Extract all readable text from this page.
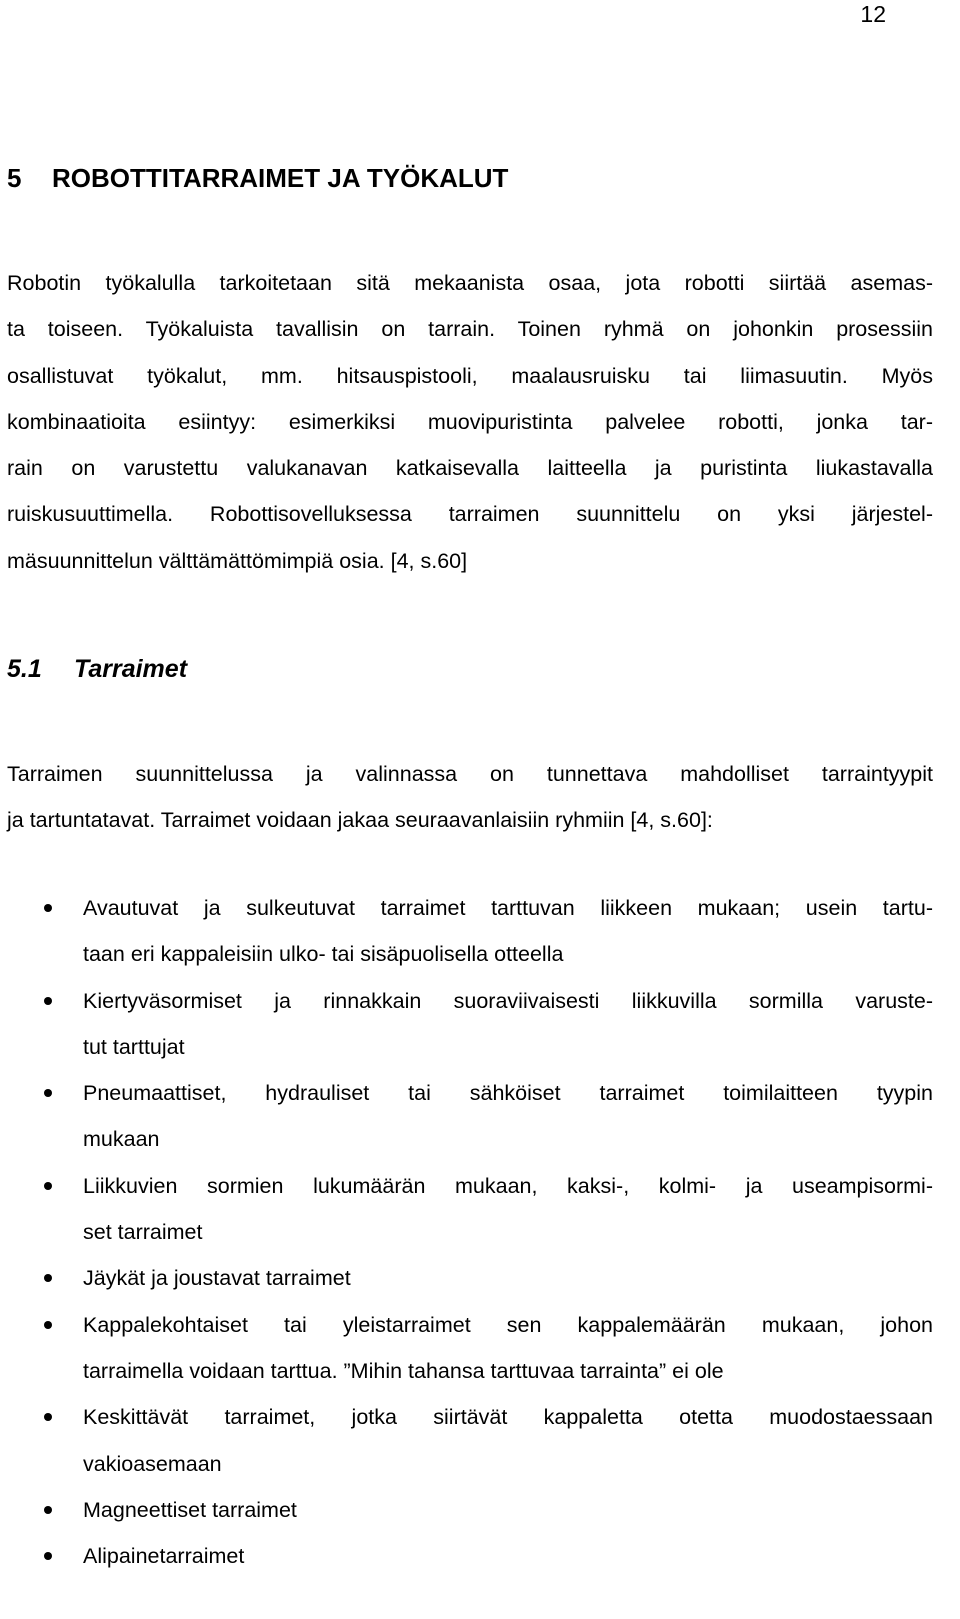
12
5 ROBOTTITARRAIMET JA TYÖKALUT
Robotin työkalulla tarkoitetaan sitä mekaanista osaa, jota robotti siirtää asemas-
ta toiseen. Työkaluista tavallisin on tarrain. Toinen ryhmä on johonkin prosessiin
osallistuvat työkalut, mm. hitsauspistooli, maalausruisku tai liimasuutin. Myös
kombinaatioita esiintyy: esimerkiksi muovipuristinta palvelee robotti, jonka tar-
rain on varustettu valukanavan katkaisevalla laitteella ja puristinta liukastavalla
ruiskusuuttimella. Robottisovelluksessa tarraimen suunnittelu on yksi järjestel-
mäsuunnittelun välttämättömimpiä osia. [4, s.60]
5.1 Tarraimet
Tarraimen suunnittelussa ja valinnassa on tunnettava mahdolliset tarraintyypit
ja tartuntatavat. Tarraimet voidaan jakaa seuraavanlaisiin ryhmiin [4, s.60]:
Avautuvat ja sulkeutuvat tarraimet tarttuvan liikkeen mukaan; usein tartu-
taan eri kappaleisiin ulko- tai sisäpuolisella otteella
Kiertyväsormiset ja rinnakkain suoraviivaisesti liikkuvilla sormilla varuste-
tut tarttujat
Pneumaattiset, hydrauliset tai sähköiset tarraimet toimilaitteen tyypin
mukaan
Liikkuvien sormien lukumäärän mukaan, kaksi-, kolmi- ja useampisormi-
set tarraimet
Jäykät ja joustavat tarraimet
Kappalekohtaiset tai yleistarraimet sen kappalemäärän mukaan, johon
tarraimella voidaan tarttua. ”Mihin tahansa tarttuvaa tarrainta” ei ole
Keskittävät tarraimet, jotka siirtävät kappaletta otetta muodostaessaan
vakioasemaan
Magneettiset tarraimet
Alipainetarraimet
